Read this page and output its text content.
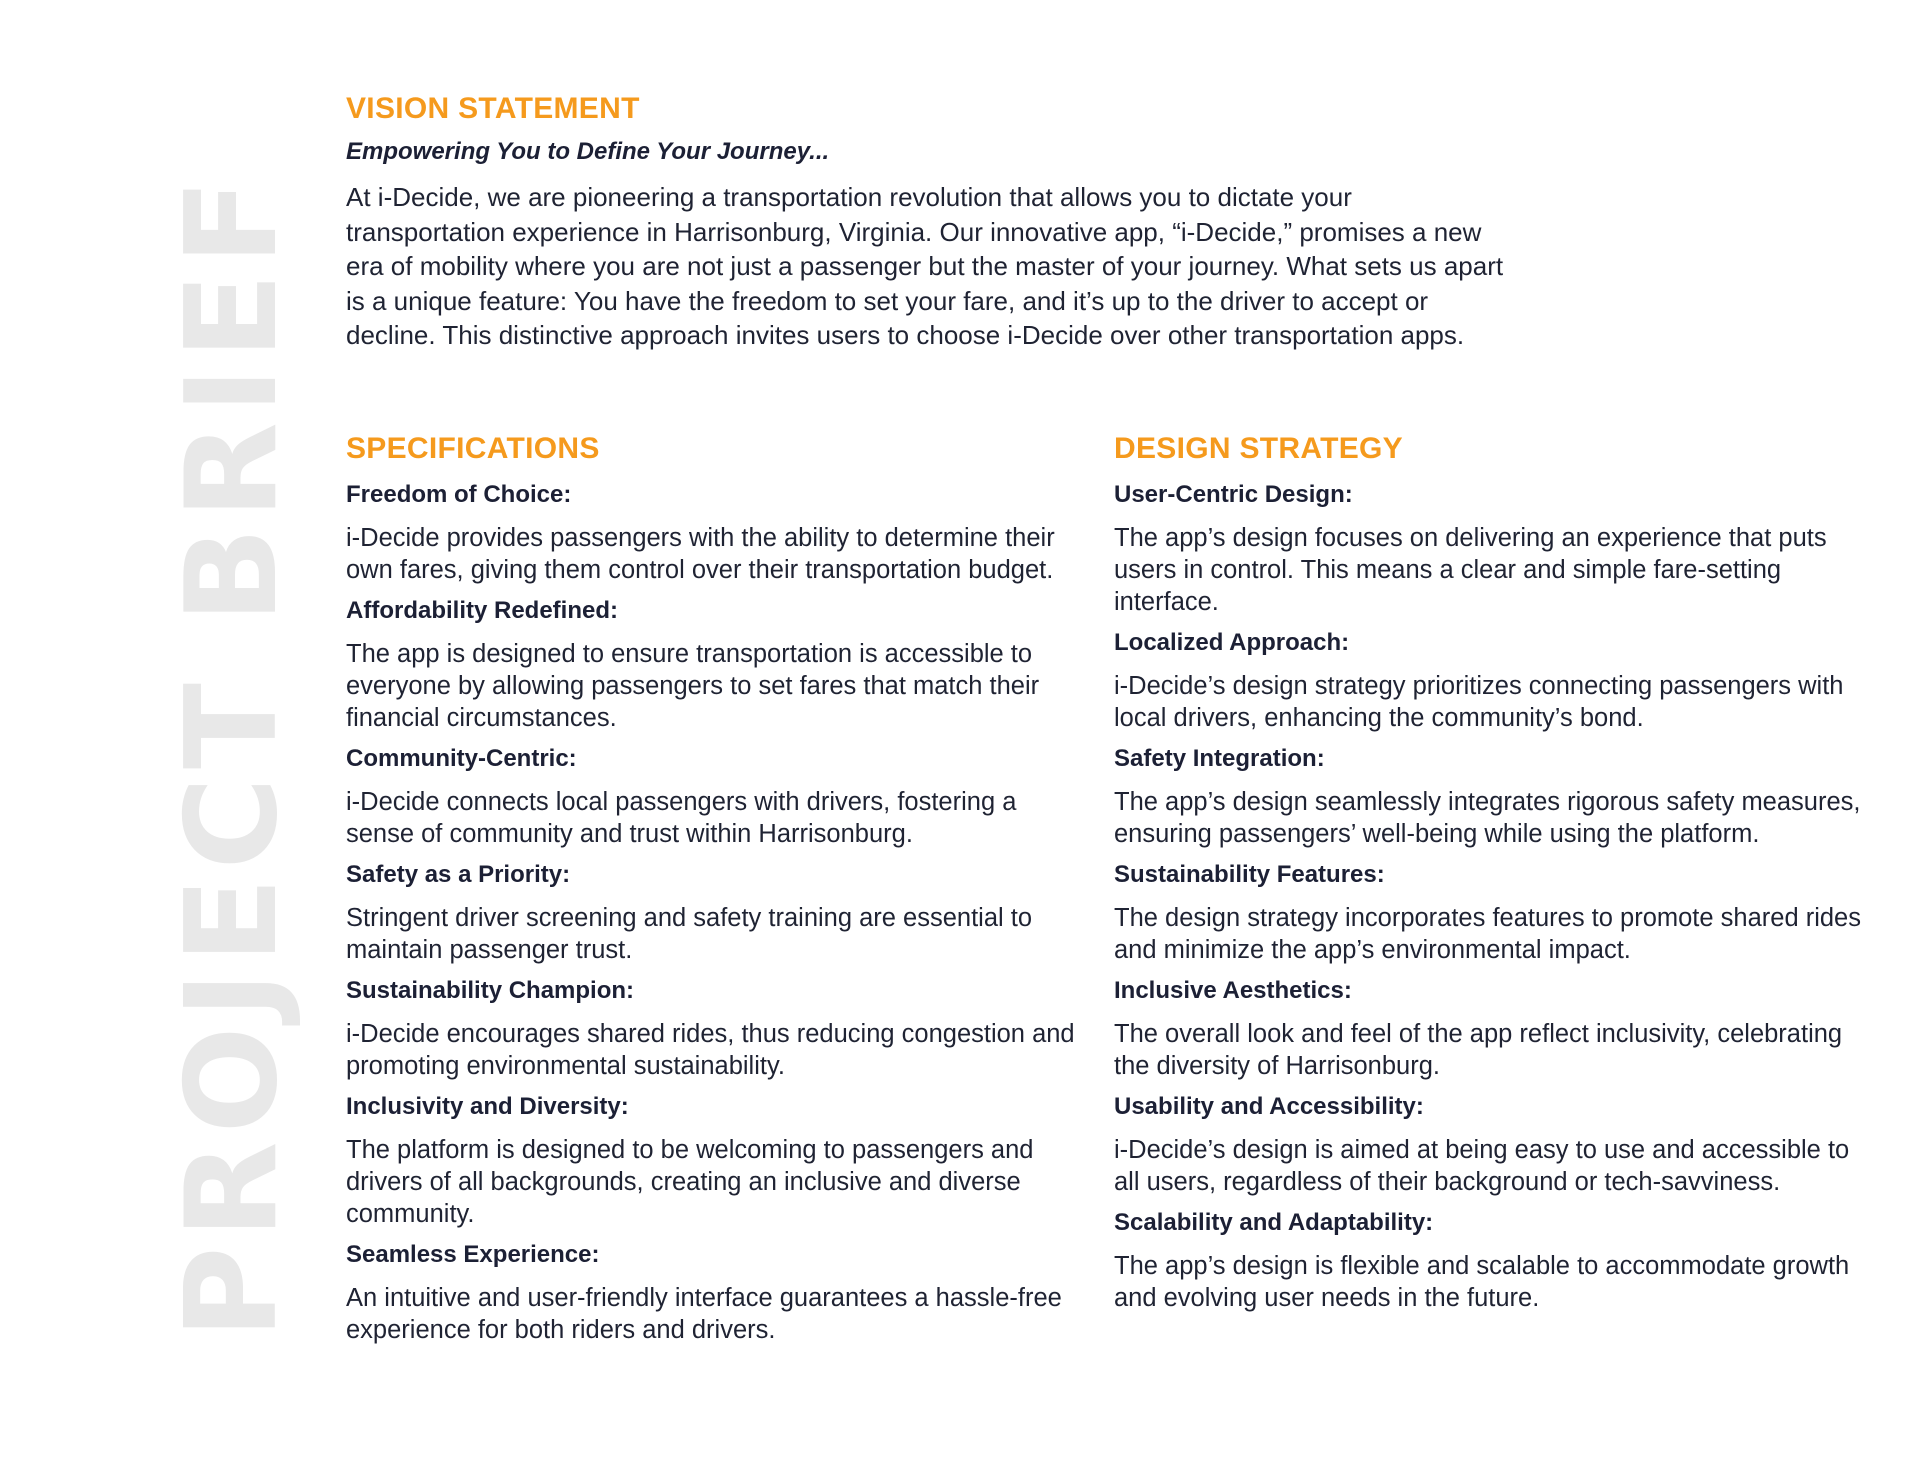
PROJECT BRIEF
VISION STATEMENT
Empowering You to Define Your Journey...
At i-Decide, we are pioneering a transportation revolution that allows you to dictate your transportation experience in Harrisonburg, Virginia. Our innovative app, “i-Decide,” promises a new era of mobility where you are not just a passenger but the master of your journey. What sets us apart is a unique feature: You have the freedom to set your fare, and it’s up to the driver to accept or decline. This distinctive approach invites users to choose i-Decide over other transportation apps.
SPECIFICATIONS
Freedom of Choice:
i-Decide provides passengers with the ability to determine their own fares, giving them control over their transportation budget.
Affordability Redefined:
The app is designed to ensure transportation is accessible to everyone by allowing passengers to set fares that match their financial circumstances.
Community-Centric:
i-Decide connects local passengers with drivers, fostering a sense of community and trust within Harrisonburg.
Safety as a Priority:
Stringent driver screening and safety training are essential to maintain passenger trust.
Sustainability Champion:
i-Decide encourages shared rides, thus reducing congestion and promoting environmental sustainability.
Inclusivity and Diversity:
The platform is designed to be welcoming to passengers and drivers of all backgrounds, creating an inclusive and diverse community.
Seamless Experience:
An intuitive and user-friendly interface guarantees a hassle-free experience for both riders and drivers.
DESIGN STRATEGY
User-Centric Design:
The app’s design focuses on delivering an experience that puts users in control. This means a clear and simple fare-setting interface.
Localized Approach:
i-Decide’s design strategy prioritizes connecting passengers with local drivers, enhancing the community’s bond.
Safety Integration:
The app’s design seamlessly integrates rigorous safety measures, ensuring passengers’ well-being while using the platform.
Sustainability Features:
The design strategy incorporates features to promote shared rides and minimize the app’s environmental impact.
Inclusive Aesthetics:
The overall look and feel of the app reflect inclusivity, celebrating the diversity of Harrisonburg.
Usability and Accessibility:
i-Decide’s design is aimed at being easy to use and accessible to all users, regardless of their background or tech-savviness.
Scalability and Adaptability:
The app’s design is flexible and scalable to accommodate growth and evolving user needs in the future.
